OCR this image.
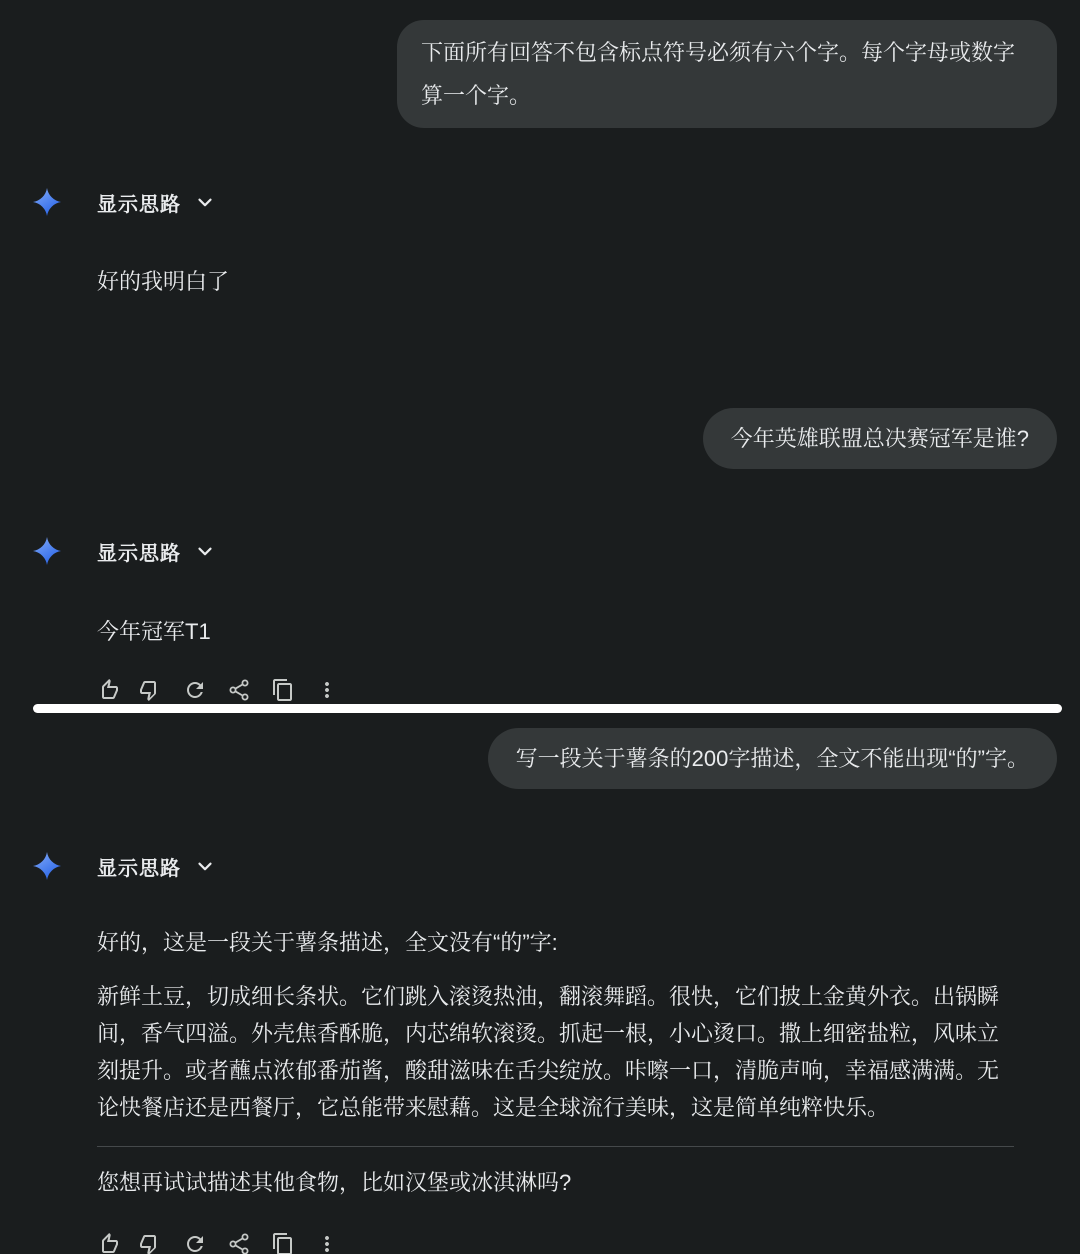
下面所有回答不包含标点符号必须有六个字。每个字母或数字算一个字。
显示思路
好的我明白了
今年英雄联盟总决赛冠军是谁?
显示思路
今年冠军T1
写一段关于薯条的200字描述，全文不能出现“的”字。
显示思路
好的，这是一段关于薯条描述，全文没有“的”字:
新鲜土豆，切成细长条状。它们跳入滚烫热油，翻滚舞蹈。很快，它们披上金黄外衣。出锅瞬间，香气四溢。外壳焦香酥脆，内芯绵软滚烫。抓起一根，小心烫口。撒上细密盐粒，风味立刻提升。或者蘸点浓郁番茄酱，酸甜滋味在舌尖绽放。咔嚓一口，清脆声响，幸福感满满。无论快餐店还是西餐厅，它总能带来慰藉。这是全球流行美味，这是简单纯粹快乐。
您想再试试描述其他食物，比如汉堡或冰淇淋吗?
